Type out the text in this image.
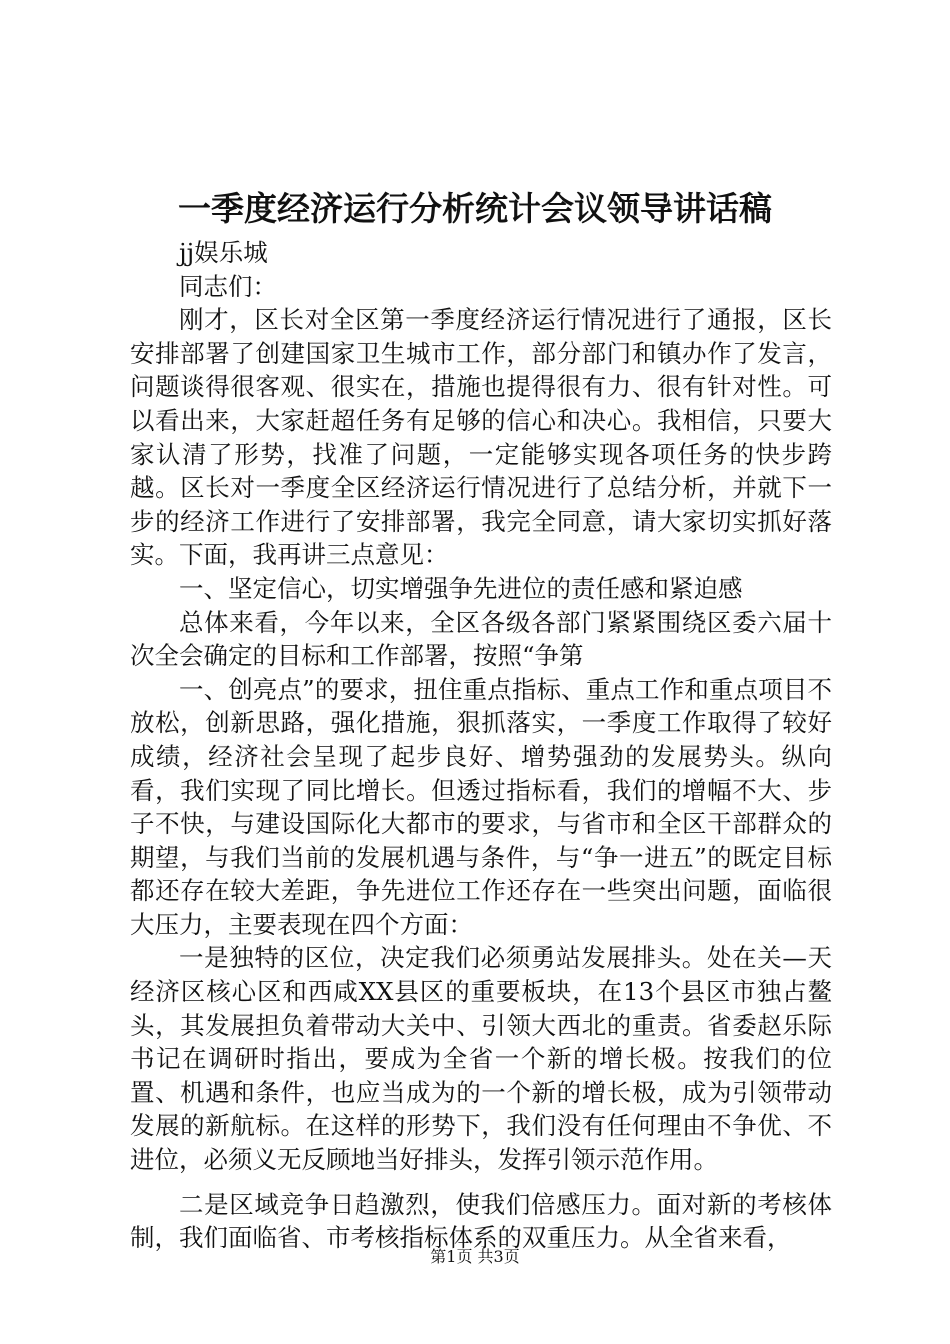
一季度经济运行分析统计会议领导讲话稿

jj娱乐城

同志们：

刚才，区长对全区第一季度经济运行情况进行了通报，区长安排部署了创建国家卫生城市工作，部分部门和镇办作了发言，问题谈得很客观、很实在，措施也提得很有力、很有针对性。可以看出来，大家赶超任务有足够的信心和决心。我相信，只要大家认清了形势，找准了问题，一定能够实现各项任务的快步跨越。区长对一季度全区经济运行情况进行了总结分析，并就下一步的经济工作进行了安排部署，我完全同意，请大家切实抓好落实。下面，我再讲三点意见：

一、坚定信心，切实增强争先进位的责任感和紧迫感

总体来看，今年以来，全区各级各部门紧紧围绕区委六届十次全会确定的目标和工作部署，按照“争第

一、创亮点”的要求，扭住重点指标、重点工作和重点项目不放松，创新思路，强化措施，狠抓落实，一季度工作取得了较好成绩，经济社会呈现了起步良好、增势强劲的发展势头。纵向看，我们实现了同比增长。但透过指标看，我们的增幅不大、步子不快，与建设国际化大都市的要求，与省市和全区干部群众的期望，与我们当前的发展机遇与条件，与“争一进五”的既定目标都还存在较大差距，争先进位工作还存在一些突出问题，面临很大压力，主要表现在四个方面：

一是独特的区位，决定我们必须勇站发展排头。处在关—天经济区核心区和西咸XX县区的重要板块，在13个县区市独占鳌头，其发展担负着带动大关中、引领大西北的重责。省委赵乐际书记在调研时指出，要成为全省一个新的增长极。按我们的位置、机遇和条件，也应当成为的一个新的增长极，成为引领带动发展的新航标。在这样的形势下，我们没有任何理由不争优、不进位，必须义无反顾地当好排头，发挥引领示范作用。

二是区域竞争日趋激烈，使我们倍感压力。面对新的考核体制，我们面临省、市考核指标体系的双重压力。从全省来看，

第1页 共3页
